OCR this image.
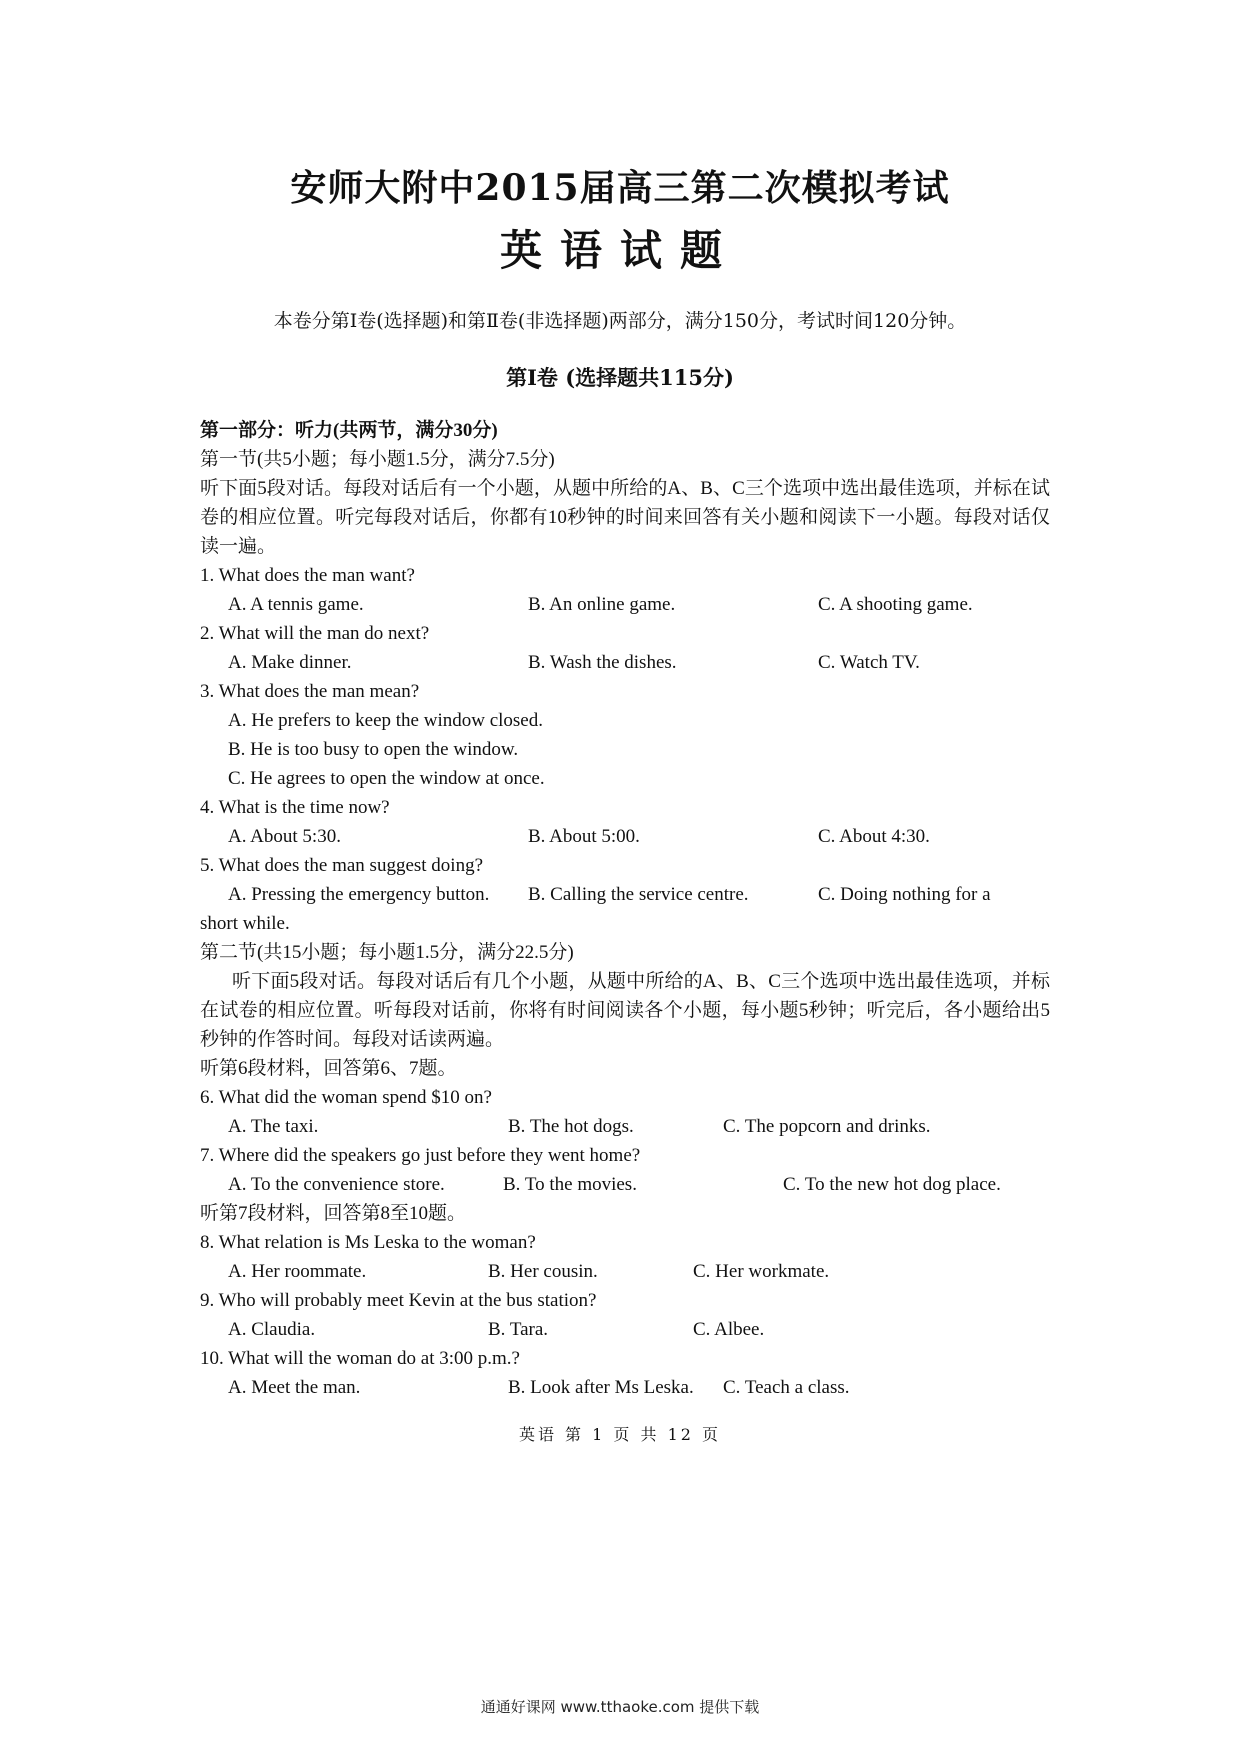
安师大附中2015届高三第二次模拟考试
英语试题
本卷分第Ⅰ卷(选择题)和第Ⅱ卷(非选择题)两部分，满分150分，考试时间120分钟。
第Ⅰ卷 (选择题共115分)
第一部分：听力(共两节，满分30分)
第一节(共5小题；每小题1.5分，满分7.5分)
听下面5段对话。每段对话后有一个小题，从题中所给的A、B、C三个选项中选出最佳选项，并标在试卷的相应位置。听完每段对话后，你都有10秒钟的时间来回答有关小题和阅读下一小题。每段对话仅读一遍。
1. What does the man want?
A. A tennis game.	B. An online game.	C. A shooting game.
2. What will the man do next?
A. Make dinner.	B. Wash the dishes.	C. Watch TV.
3. What does the man mean?
A. He prefers to keep the window closed.
B. He is too busy to open the window.
C. He agrees to open the window at once.
4. What is the time now?
A. About 5:30.	B. About 5:00.	C. About 4:30.
5. What does the man suggest doing?
A. Pressing the emergency button.	B. Calling the service centre.	C. Doing nothing for a
short while.
第二节(共15小题；每小题1.5分，满分22.5分)
听下面5段对话。每段对话后有几个小题，从题中所给的A、B、C三个选项中选出最佳选项，并标在试卷的相应位置。听每段对话前，你将有时间阅读各个小题，每小题5秒钟；听完后，各小题给出5秒钟的作答时间。每段对话读两遍。
听第6段材料，回答第6、7题。
6. What did the woman spend $10 on?
A. The taxi.	B. The hot dogs.	C. The popcorn and drinks.
7. Where did the speakers go just before they went home?
A. To the convenience store.	B. To the movies.	C. To the new hot dog place.
听第7段材料，回答第8至10题。
8. What relation is Ms Leska to the woman?
A. Her roommate.	B. Her cousin.	C. Her workmate.
9. Who will probably meet Kevin at the bus station?
A. Claudia.	B. Tara.	C. Albee.
10. What will the woman do at 3:00 p.m.?
A. Meet the man.	B. Look after Ms Leska.	C. Teach a class.
英语 第 1 页 共 12 页
通通好课网 www.tthaoke.com 提供下载
